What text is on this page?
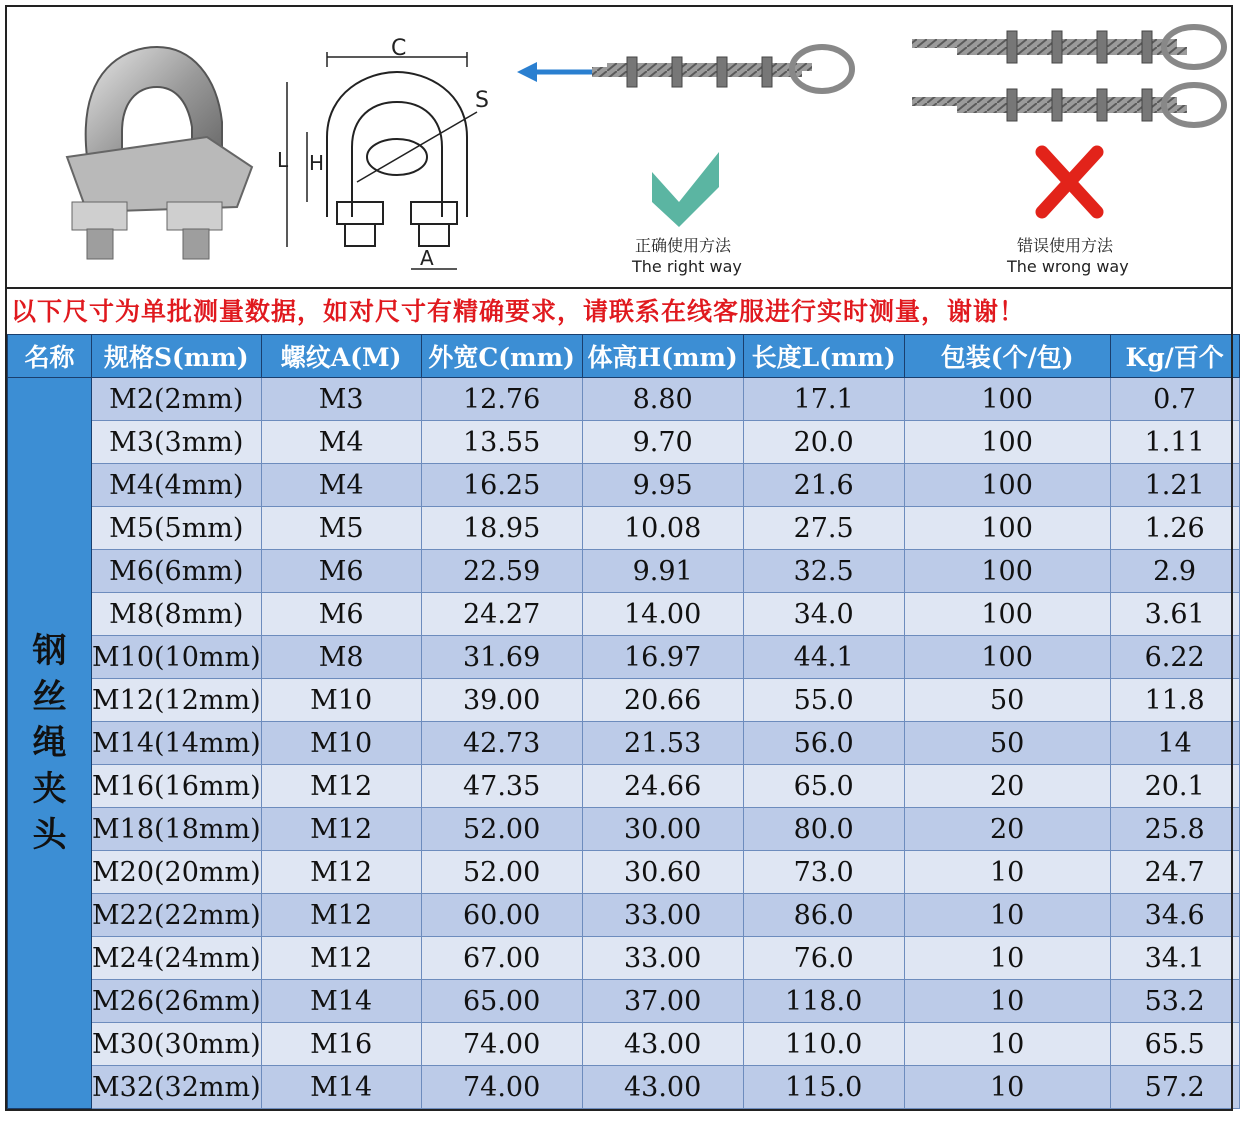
C
S
H
L
A
正确使用方法
The right way
错误使用方法
The wrong way
以下尺寸为单批测量数据，如对尺寸有精确要求，请联系在线客服进行实时测量，谢谢！
名称	规格S(mm)	螺纹A(M)	外宽C(mm)	体高H(mm)	长度L(mm)	包装(个/包)	Kg/百个

钢
丝
绳
夹
头	M2(2mm)	M3	12.76	8.80	17.1	100	0.7
	M3(3mm)	M4	13.55	9.70	20.0	100	1.11
	M4(4mm)	M4	16.25	9.95	21.6	100	1.21
	M5(5mm)	M5	18.95	10.08	27.5	100	1.26
	M6(6mm)	M6	22.59	9.91	32.5	100	2.9
	M8(8mm)	M6	24.27	14.00	34.0	100	3.61
	M10(10mm)	M8	31.69	16.97	44.1	100	6.22
	M12(12mm)	M10	39.00	20.66	55.0	50	11.8
	M14(14mm)	M10	42.73	21.53	56.0	50	14
	M16(16mm)	M12	47.35	24.66	65.0	20	20.1
	M18(18mm)	M12	52.00	30.00	80.0	20	25.8
	M20(20mm)	M12	52.00	30.60	73.0	10	24.7
	M22(22mm)	M12	60.00	33.00	86.0	10	34.6
	M24(24mm)	M12	67.00	33.00	76.0	10	34.1
	M26(26mm)	M14	65.00	37.00	118.0	10	53.2
	M30(30mm)	M16	74.00	43.00	110.0	10	65.5
	M32(32mm)	M14	74.00	43.00	115.0	10	57.2
